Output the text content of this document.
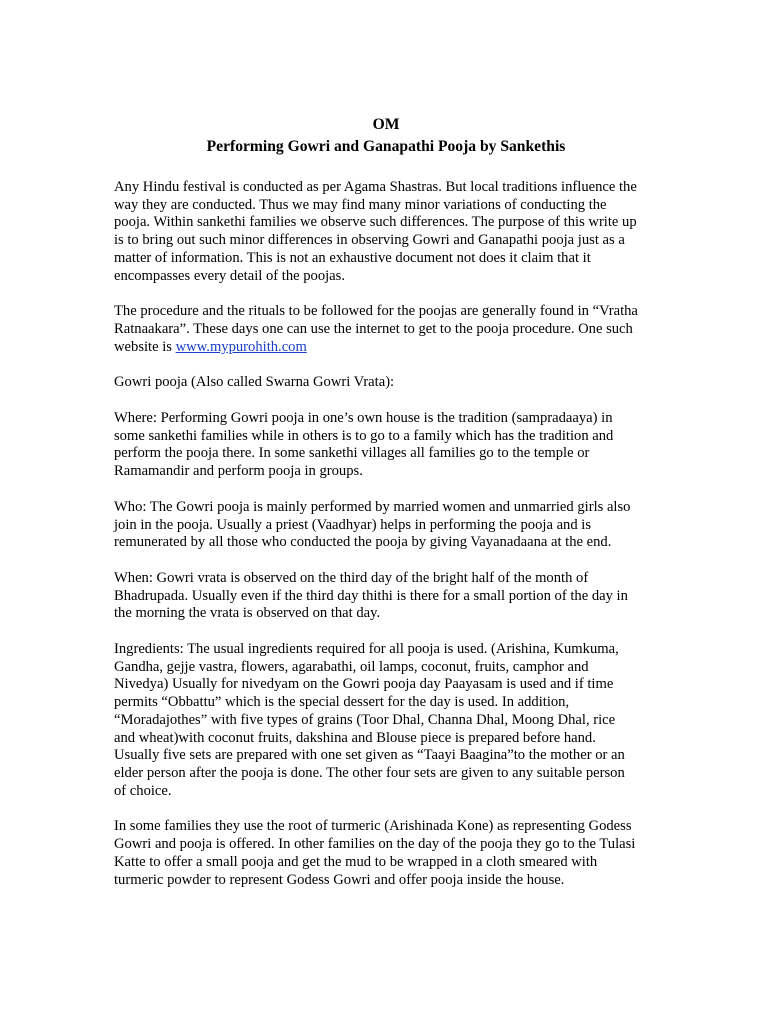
OM
Performing Gowri and Ganapathi Pooja by Sankethis
Any Hindu festival is conducted as per Agama Shastras. But local traditions influence the
way they are conducted. Thus we may find many minor variations of conducting the
pooja. Within sankethi families we observe such differences. The purpose of this write up
is to bring out such minor differences in observing Gowri and Ganapathi pooja just as a
matter of information. This is not an exhaustive document not does it claim that it
encompasses every detail of the poojas.
The procedure and the rituals to be followed for the poojas are generally found in “Vratha
Ratnaakara”. These days one can use the internet to get to the pooja procedure. One such
website is www.mypurohith.com
Gowri pooja (Also called Swarna Gowri Vrata):
Where: Performing Gowri pooja in one’s own house is the tradition (sampradaaya) in
some sankethi families while in others is to go to a family which has the tradition and
perform the pooja there. In some sankethi villages all families go to the temple or
Ramamandir and perform pooja in groups.
Who: The Gowri pooja is mainly performed by married women and unmarried girls also
join in the pooja. Usually a priest (Vaadhyar) helps in performing the pooja and is
remunerated by all those who conducted the pooja by giving Vayanadaana at the end.
When: Gowri vrata is observed on the third day of the bright half of the month of
Bhadrupada. Usually even if the third day thithi is there for a small portion of the day in
the morning the vrata is observed on that day.
Ingredients: The usual ingredients required for all pooja is used. (Arishina, Kumkuma,
Gandha, gejje vastra, flowers, agarabathi, oil lamps, coconut, fruits, camphor and
Nivedya) Usually for nivedyam on the Gowri pooja day Paayasam is used and if time
permits “Obbattu” which is the special dessert for the day is used. In addition,
“Moradajothes” with five types of grains (Toor Dhal, Channa Dhal, Moong Dhal, rice
and wheat)with coconut fruits, dakshina and Blouse piece is prepared before hand.
Usually five sets are prepared with one set given as “Taayi Baagina”to the mother or an
elder person after the pooja is done. The other four sets are given to any suitable person
of choice.
In some families they use the root of turmeric (Arishinada Kone) as representing Godess
Gowri and pooja is offered. In other families on the day of the pooja they go to the Tulasi
Katte to offer a small pooja and get the mud to be wrapped in a cloth smeared with
turmeric powder to represent Godess Gowri and offer pooja inside the house.
